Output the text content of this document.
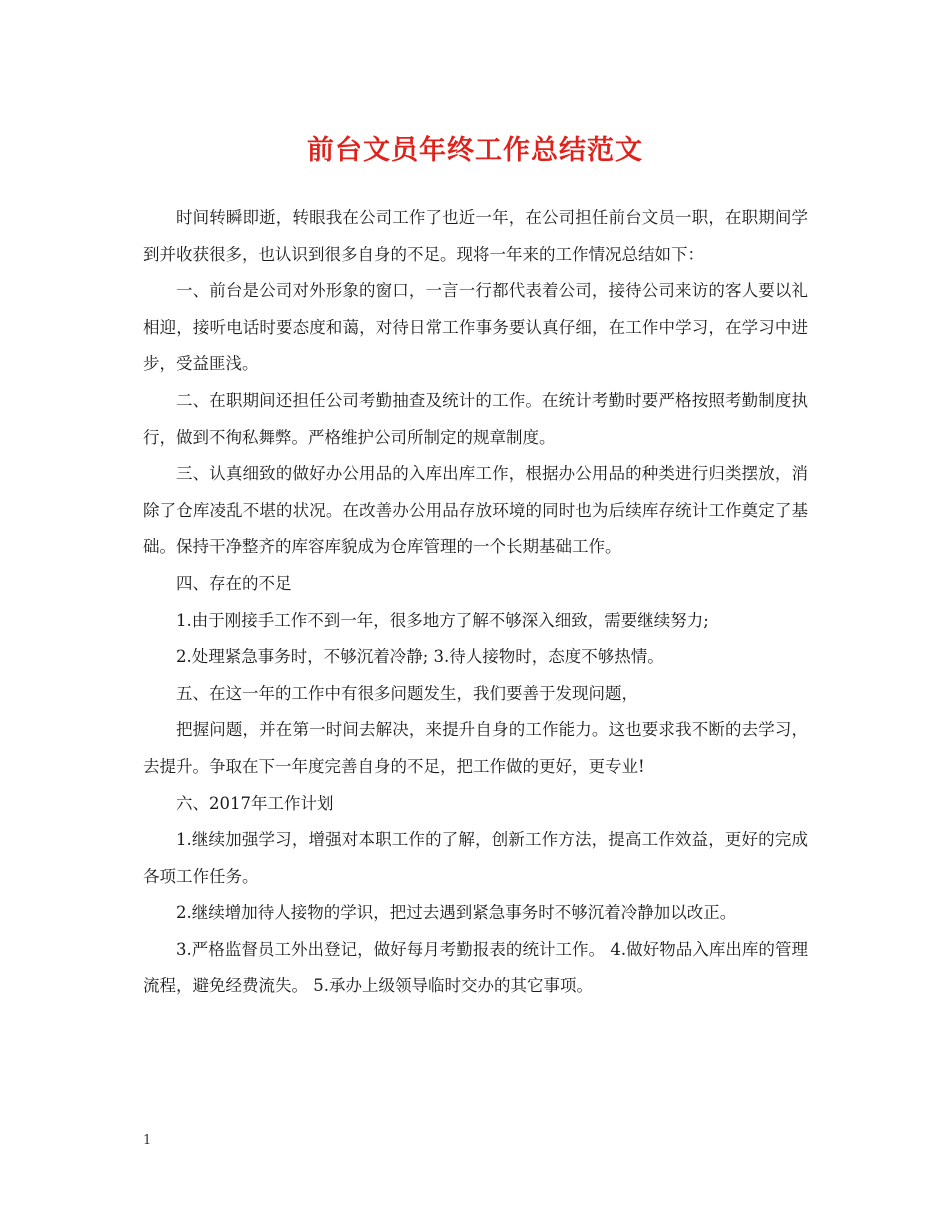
前台文员年终工作总结范文

时间转瞬即逝，转眼我在公司工作了也近一年，在公司担任前台文员一职，在职期间学到并收获很多，也认识到很多自身的不足。现将一年来的工作情况总结如下：

一、前台是公司对外形象的窗口，一言一行都代表着公司，接待公司来访的客人要以礼相迎，接听电话时要态度和蔼，对待日常工作事务要认真仔细，在工作中学习，在学习中进步，受益匪浅。

二、在职期间还担任公司考勤抽查及统计的工作。在统计考勤时要严格按照考勤制度执行，做到不徇私舞弊。严格维护公司所制定的规章制度。

三、认真细致的做好办公用品的入库出库工作，根据办公用品的种类进行归类摆放，消除了仓库凌乱不堪的状况。在改善办公用品存放环境的同时也为后续库存统计工作奠定了基础。保持干净整齐的库容库貌成为仓库管理的一个长期基础工作。

四、存在的不足

1.由于刚接手工作不到一年，很多地方了解不够深入细致，需要继续努力;

2.处理紧急事务时，不够沉着冷静; 3.待人接物时，态度不够热情。

五、在这一年的工作中有很多问题发生，我们要善于发现问题，

把握问题，并在第一时间去解决，来提升自身的工作能力。这也要求我不断的去学习，去提升。争取在下一年度完善自身的不足，把工作做的更好，更专业!

六、2017年工作计划

1.继续加强学习，增强对本职工作的了解，创新工作方法，提高工作效益，更好的完成各项工作任务。

2.继续增加待人接物的学识，把过去遇到紧急事务时不够沉着冷静加以改正。

3.严格监督员工外出登记，做好每月考勤报表的统计工作。 4.做好物品入库出库的管理流程，避免经费流失。 5.承办上级领导临时交办的其它事项。

1
